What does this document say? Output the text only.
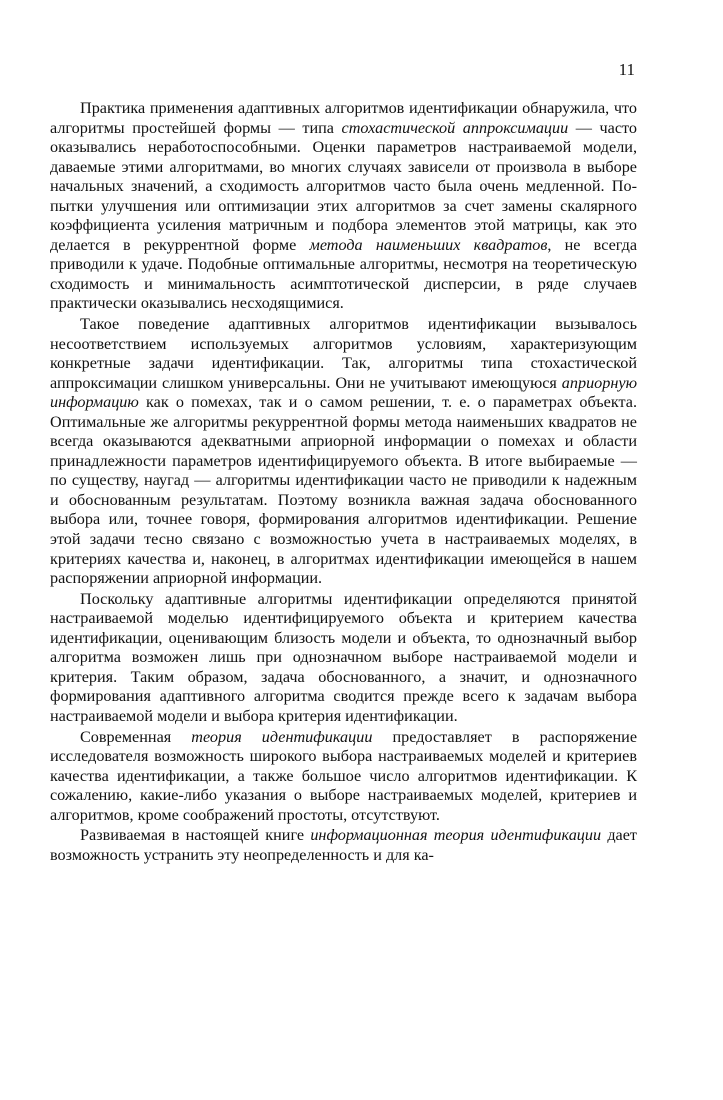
11

Практика применения адаптивных алгоритмов идентификации обнаружила, что алгоритмы простейшей формы — типа стохастической аппроксимации — часто оказывались неработоспособными. Оценки параметров настраиваемой модели, даваемые этими алгоритмами, во многих случаях зависели от произвола в выборе начальных значений, а сходимость алгоритмов часто была очень медленной. Попытки улучшения или оптимизации этих алгоритмов за счет замены скалярного коэффициента усиления матричным и подбора элементов этой матрицы, как это делается в рекуррентной форме метода наименьших квадратов, не всегда приводили к удаче. Подобные оптимальные алгоритмы, несмотря на теоретическую сходимость и минимальность асимптотической дисперсии, в ряде случаев практически оказывались несходящимися.

Такое поведение адаптивных алгоритмов идентификации вызывалось несоответствием используемых алгоритмов условиям, характеризующим конкретные задачи идентификации. Так, алгоритмы типа стохастической аппроксимации слишком универсальны. Они не учитывают имеющуюся априорную информацию как о помехах, так и о самом решении, т. е. о параметрах объекта. Оптимальные же алгоритмы рекуррентной формы метода наименьших квадратов не всегда оказываются адекватными априорной информации о помехах и области принадлежности параметров идентифицируемого объекта. В итоге выбираемые — по существу, наугад — алгоритмы идентификации часто не приводили к надежным и обоснованным результатам. Поэтому возникла важная задача обоснованного выбора или, точнее говоря, формирования алгоритмов идентификации. Решение этой задачи тесно связано с возможностью учета в настраиваемых моделях, в критериях качества и, наконец, в алгоритмах идентификации имеющейся в нашем распоряжении априорной информации.

Поскольку адаптивные алгоритмы идентификации определяются принятой настраиваемой моделью идентифицируемого объекта и критерием качества идентификации, оценивающим близость модели и объекта, то однозначный выбор алгоритма возможен лишь при однозначном выборе настраиваемой модели и критерия. Таким образом, задача обоснованного, а значит, и однозначного формирования адаптивного алгоритма сводится прежде всего к задачам выбора настраиваемой модели и выбора критерия идентификации.

Современная теория идентификации предоставляет в распоряжение исследователя возможность широкого выбора настраиваемых моделей и критериев качества идентификации, а также большое число алгоритмов идентификации. К сожалению, какие-либо указания о выборе настраиваемых моделей, критериев и алгоритмов, кроме соображений простоты, отсутствуют.

Развиваемая в настоящей книге информационная теория идентификации дает возможность устранить эту неопределенность и для ка-
